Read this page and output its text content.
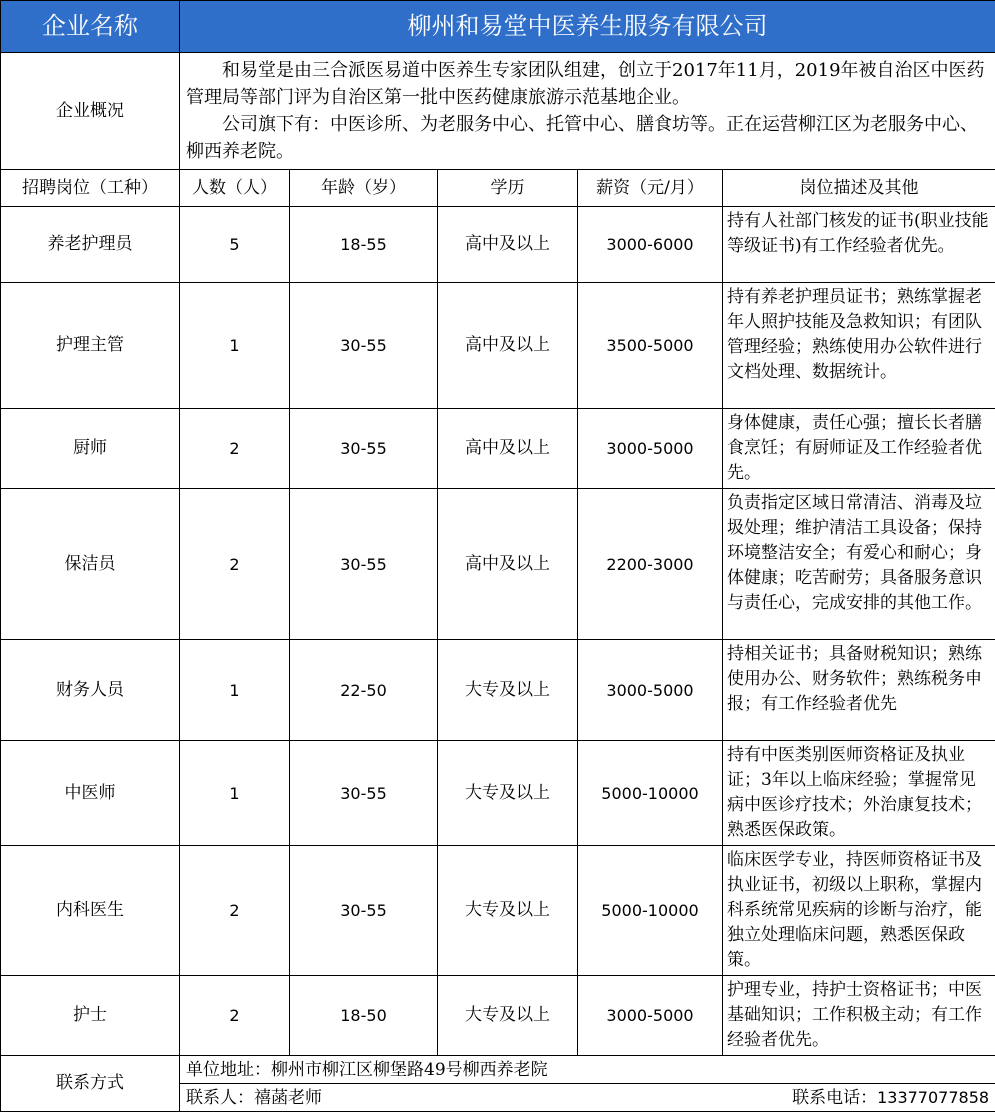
企业名称	柳州和易堂中医养生服务有限公司				
企业概况	和易堂是由三合派医易道中医养生专家团队组建，创立于2017年11月，2019年被自治区中医药管理局等部门评为自治区第一批中医药健康旅游示范基地企业。

公司旗下有：中医诊所、为老服务中心、托管中心、膳食坊等。正在运营柳江区为老服务中心、柳西养老院。				

招聘岗位（工种）	人数（人）	年龄（岁）	学历	薪资（元/月）	岗位描述及其他
养老护理员	5	18-55	高中及以上	3000-6000	持有人社部门核发的证书(职业技能等级证书)有工作经验者优先。
护理主管	1	30-55	高中及以上	3500-5000	持有养老护理员证书；熟练掌握老年人照护技能及急救知识；有团队管理经验；熟练使用办公软件进行文档处理、数据统计。
厨师	2	30-55	高中及以上	3000-5000	身体健康，责任心强；擅长长者膳食烹饪；有厨师证及工作经验者优先。
保洁员	2	30-55	高中及以上	2200-3000	负责指定区域日常清洁、消毒及垃圾处理；维护清洁工具设备；保持环境整洁安全；有爱心和耐心；身体健康；吃苦耐劳；具备服务意识与责任心，完成安排的其他工作。
财务人员	1	22-50	大专及以上	3000-5000	持相关证书；具备财税知识；熟练使用办公、财务软件；熟练税务申报；有工作经验者优先
中医师	1	30-55	大专及以上	5000-10000	持有中医类别医师资格证及执业证；3年以上临床经验；掌握常见病中医诊疗技术；外治康复技术；熟悉医保政策。
内科医生	2	30-55	大专及以上	5000-10000	临床医学专业，持医师资格证书及执业证书，初级以上职称，掌握内科系统常见疾病的诊断与治疗，能独立处理临床问题，熟悉医保政策。
护士	2	18-50	大专及以上	3000-5000	护理专业，持护士资格证书；中医基础知识；工作积极主动；有工作经验者优先。
联系方式	单位地址：柳州市柳江区柳堡路49号柳西养老院				
	联系人：禧菡老师 联系电话：13377077858				
